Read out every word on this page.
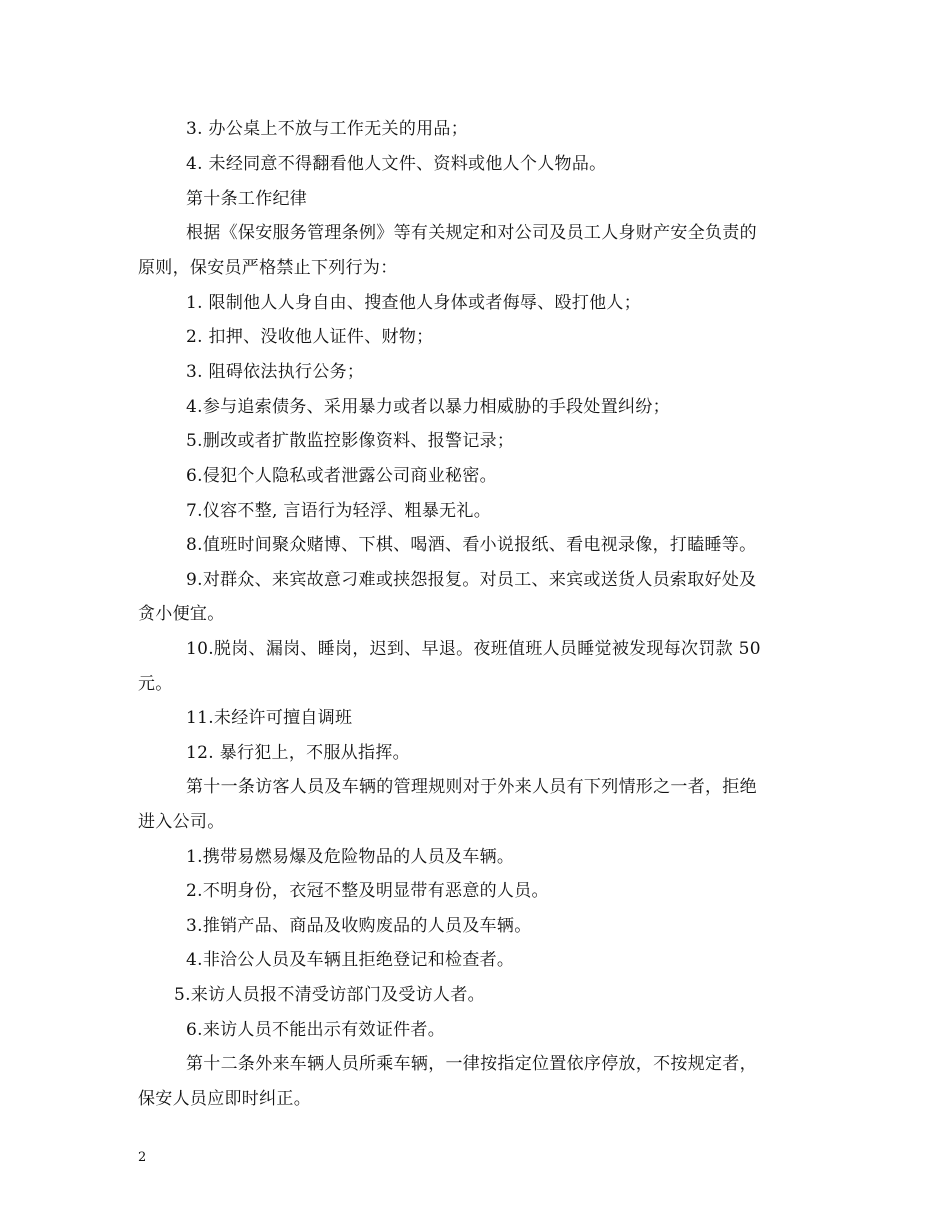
3. 办公桌上不放与工作无关的用品；
4. 未经同意不得翻看他人文件、资料或他人个人物品。
第十条工作纪律
根据《保安服务管理条例》等有关规定和对公司及员工人身财产安全负责的
原则，保安员严格禁止下列行为：
1. 限制他人人身自由、搜查他人身体或者侮辱、殴打他人；
2. 扣押、没收他人证件、财物；
3. 阻碍依法执行公务；
4.参与追索债务、采用暴力或者以暴力相威胁的手段处置纠纷；
5.删改或者扩散监控影像资料、报警记录；
6.侵犯个人隐私或者泄露公司商业秘密。
7.仪容不整, 言语行为轻浮、粗暴无礼。
8.值班时间聚众赌博、下棋、喝酒、看小说报纸、看电视录像，打瞌睡等。
9.对群众、来宾故意刁难或挟怨报复。对员工、来宾或送货人员索取好处及
贪小便宜。
10.脱岗、漏岗、睡岗，迟到、早退。夜班值班人员睡觉被发现每次罚款 50
元。
11.未经许可擅自调班
12. 暴行犯上，不服从指挥。
第十一条访客人员及车辆的管理规则对于外来人员有下列情形之一者，拒绝
进入公司。
1.携带易燃易爆及危险物品的人员及车辆。
2.不明身份，衣冠不整及明显带有恶意的人员。
3.推销产品、商品及收购废品的人员及车辆。
4.非洽公人员及车辆且拒绝登记和检查者。
5.来访人员报不清受访部门及受访人者。
6.来访人员不能出示有效证件者。
第十二条外来车辆人员所乘车辆，一律按指定位置依序停放，不按规定者，
保安人员应即时纠正。
2
